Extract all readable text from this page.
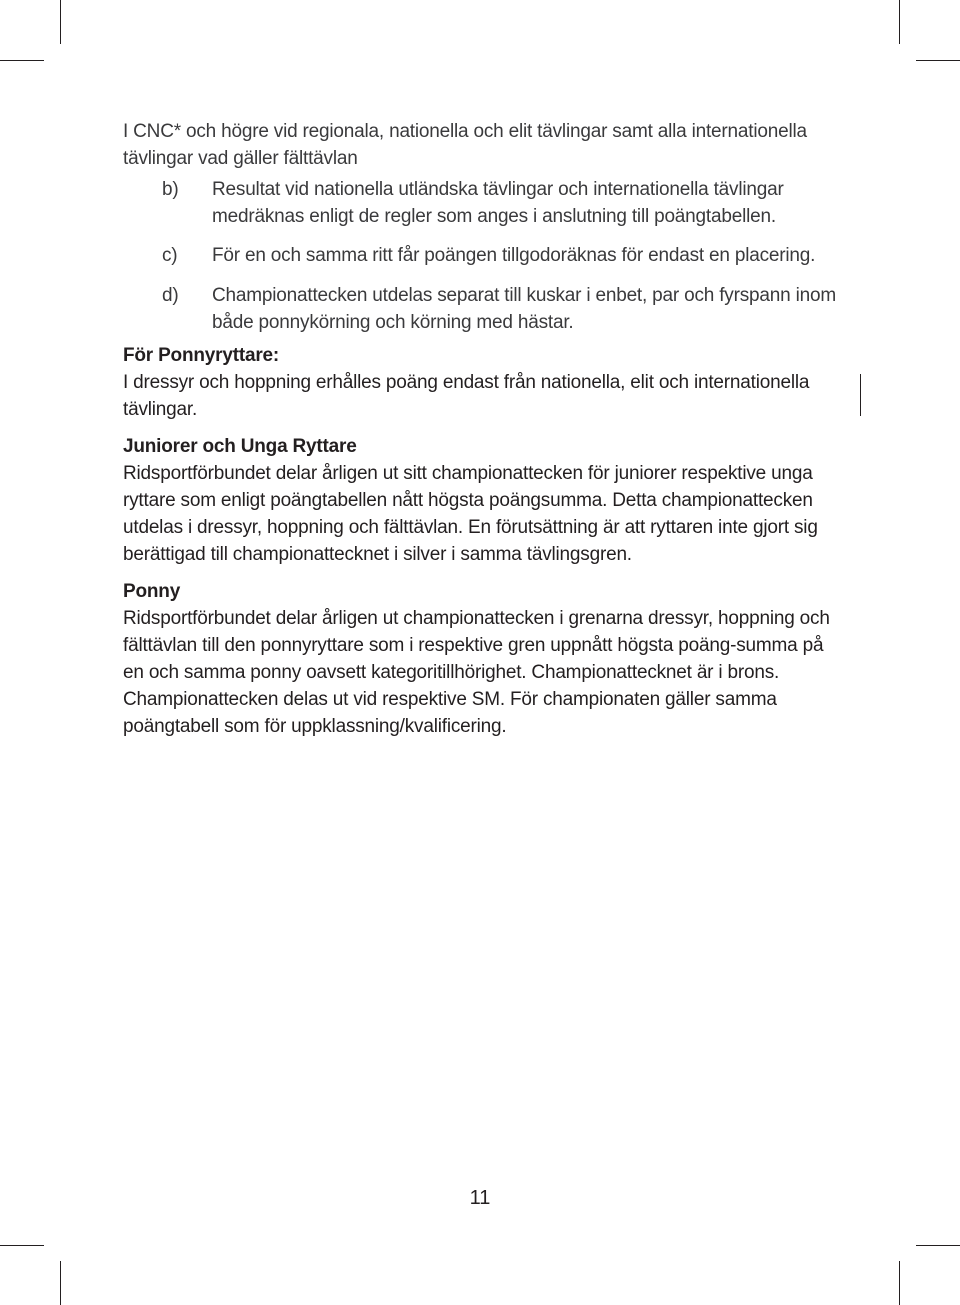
I CNC* och högre vid regionala, nationella och elit tävlingar samt alla internationella tävlingar vad gäller fälttävlan

b) Resultat vid nationella utländska tävlingar och internationella tävlingar medräknas enligt de regler som anges i anslutning till poängtabellen.
c) För en och samma ritt får poängen tillgodoräknas för endast en placering.
d) Championattecken utdelas separat till kuskar i enbet, par och fyrspann inom både ponnykörning och körning med hästar.

För Ponnyryttare:

I dressyr och hoppning erhålles poäng endast från nationella, elit och internationella tävlingar.

Juniorer och Unga Ryttare

Ridsportförbundet delar årligen ut sitt championattecken för juniorer respektive unga ryttare som enligt poängtabellen nått högsta poängsumma. Detta championattecken utdelas i dressyr, hoppning och fälttävlan. En förutsättning är att ryttaren inte gjort sig berättigad till championattecknet i silver i samma tävlingsgren.

Ponny

Ridsportförbundet delar årligen ut championattecken i grenarna dressyr, hoppning och fälttävlan till den ponnyryttare som i respektive gren uppnått högsta poäng-summa på en och samma ponny oavsett kategoritillhörighet. Championattecknet är i brons. Championattecken delas ut vid respektive SM. För championaten gäller samma poängtabell som för uppklassning/kvalificering.

11
